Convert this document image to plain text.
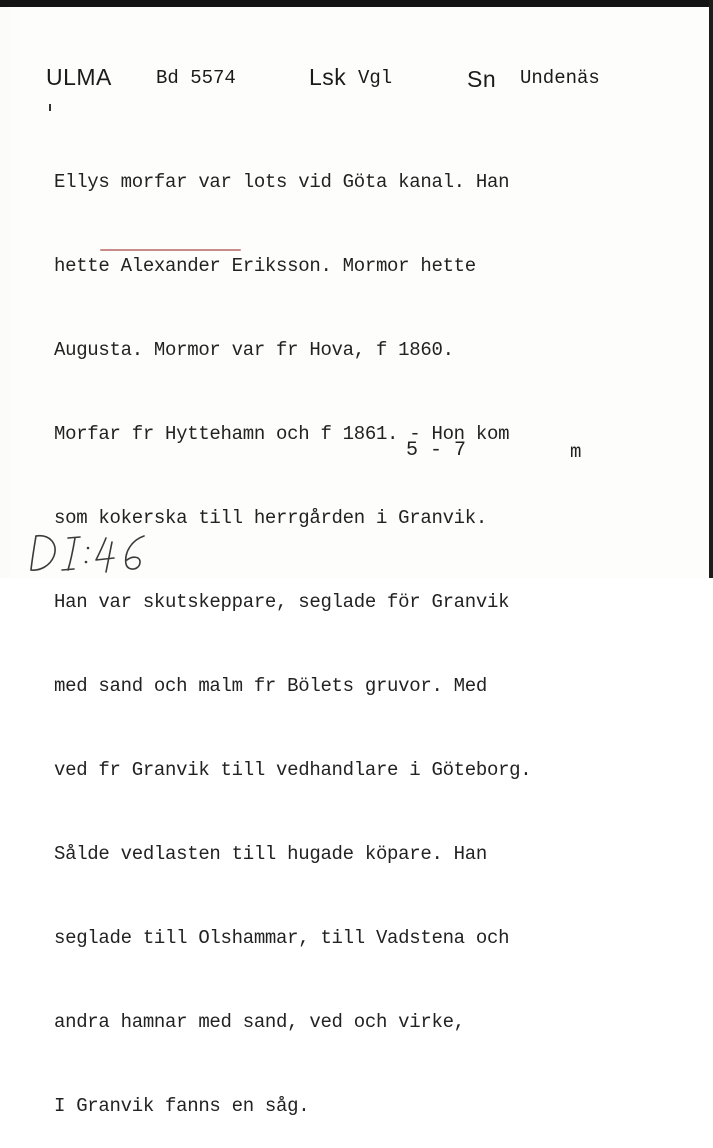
ULMA Bd 5574	Lsk Vgl	Sn Undenäs

Ellys morfar var lots vid Göta kanal. Han

hette Alexander Eriksson. Mormor hette

Augusta. Mormor var fr Hova, f 1860.

Morfar fr Hyttehamn och f 1861. - Hon kom

som kokerska till herrgården i Granvik.

Han var skutskeppare, seglade för Granvik

med sand och malm fr Bölets gruvor. Med

ved fr Granvik till vedhandlare i Göteborg.

Sålde vedlasten till hugade köpare. Han

seglade till Olshammar, till Vadstena och

andra hamnar med sand, ved och virke,

I Granvik fanns en såg.

5 - 7	m
